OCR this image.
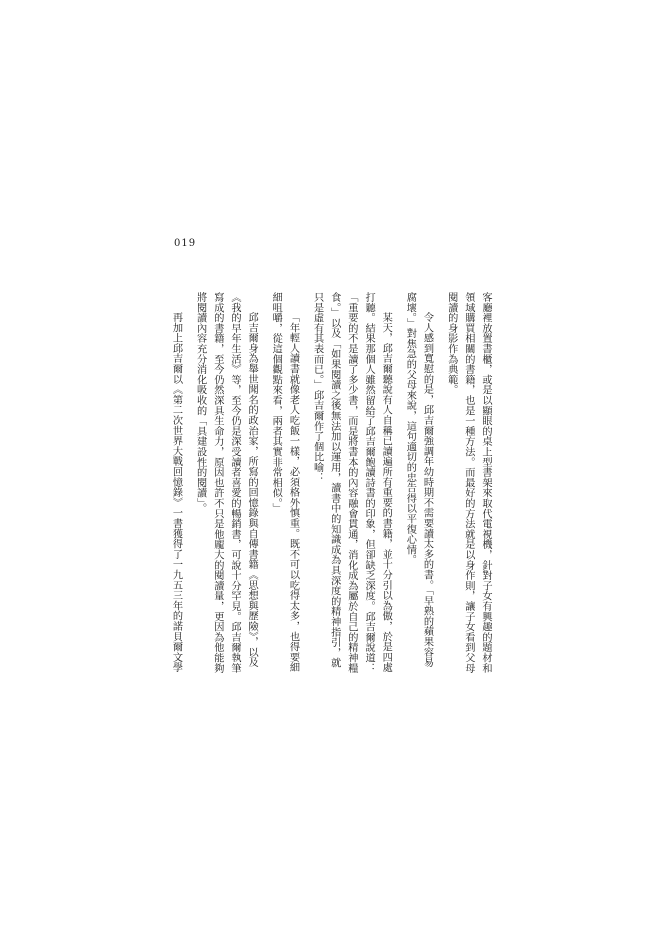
019

客廳裡放置書櫃，或是以顯眼的桌上型書架來取代電視機，針對子女有興趣的題材和

領域購買相關的書籍，也是一種方法。而最好的方法就是以身作則，讓子女看到父母

閱讀的身影作為典範。

令人感到寬慰的是，邱吉爾強調年幼時期不需要讀太多的書。「早熟的蘋果容易

腐壞。」對焦急的父母來說，這句適切的忠告得以平復心情。

某天，邱吉爾聽說有人自稱已讀遍所有重要的書籍，並十分引以為傲，於是四處

打聽。結果那個人雖然留給了邱吉爾飽讀詩書的印象，但卻缺乏深度。邱吉爾說道：

「重要的不是讀了多少書，而是將書本的內容融會貫通，消化成為屬於自己的精神糧

食。」以及「如果閱讀之後無法加以運用，讀書中的知識成為具深度的精神指引，就

只是虛有其表而已。」邱吉爾作了個比喻：

「年輕人讀書就像老人吃飯一樣，必須格外慎重。既不可以吃得太多，也得要細

細咀嚼，從這個觀點來看，兩者其實非常相似。」

邱吉爾身為舉世聞名的政治家，所寫的回憶錄與自傳書籍《思想與歷險》，以及

《我的早年生活》等，至今仍是深受讀者喜愛的暢銷書，可說十分罕見。邱吉爾執筆

寫成的書籍，至今仍然深具生命力，原因也許不只是他龐大的閱讀量，更因為他能夠

將閱讀內容充分消化吸收的「具建設性的閱讀」。

再加上邱吉爾以《第二次世界大戰回憶錄》一書獲得了一九五三年的諾貝爾文學
